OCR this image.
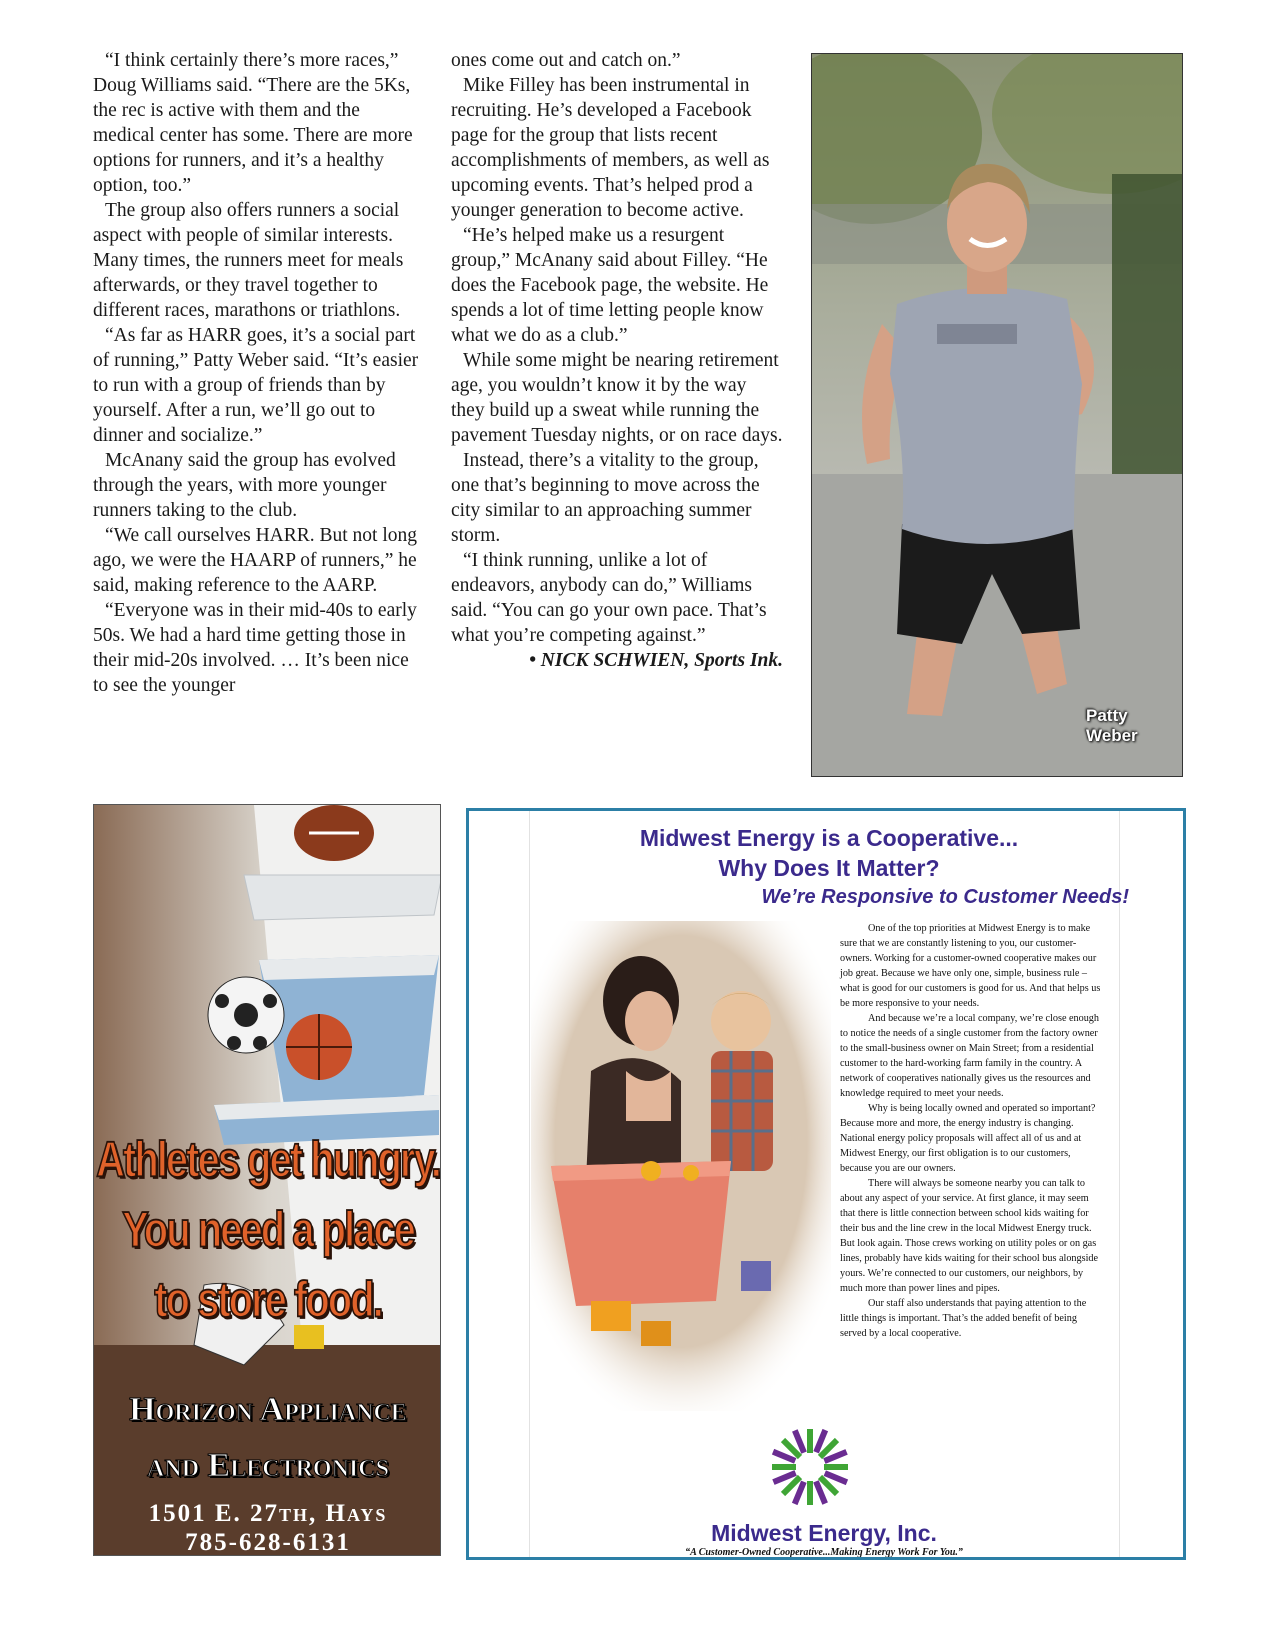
“I think certainly there’s more races,” Doug Williams said. “There are the 5Ks, the rec is active with them and the medical center has some. There are more options for runners, and it’s a healthy option, too.”

The group also offers runners a social aspect with people of similar interests. Many times, the runners meet for meals afterwards, or they travel together to different races, marathons or triathlons.

“As far as HARR goes, it’s a social part of running,” Patty Weber said. “It’s easier to run with a group of friends than by yourself. After a run, we’ll go out to dinner and socialize.”

McAnany said the group has evolved through the years, with more younger runners taking to the club.

“We call ourselves HARR. But not long ago, we were the HAARP of runners,” he said, making reference to the AARP.

“Everyone was in their mid-40s to early 50s. We had a hard time getting those in their mid-20s involved. … It’s been nice to see the younger

ones come out and catch on.”

Mike Filley has been instrumental in recruiting. He’s developed a Facebook page for the group that lists recent accomplishments of members, as well as upcoming events. That’s helped prod a younger generation to become active.

“He’s helped make us a resurgent group,” McAnany said about Filley. “He does the Facebook page, the website. He spends a lot of time letting people know what we do as a club.”

While some might be nearing retirement age, you wouldn’t know it by the way they build up a sweat while running the pavement Tuesday nights, or on race days.

Instead, there’s a vitality to the group, one that’s beginning to move across the city similar to an approaching summer storm.

“I think running, unlike a lot of endeavors, anybody can do,” Williams said. “You can go your own pace. That’s what you’re competing against.”

• NICK SCHWIEN, Sports Ink.

Patty
Weber
Athletes get hungry.
You need a place
to store food.
Horizon Appliance
and Electronics
1501 E. 27th, Hays
785-628-6131
Midwest Energy is a Cooperative...
Why Does It Matter?
We’re Responsive to Customer Needs!

One of the top priorities at Midwest Energy is to make sure that we are constantly listening to you, our customer-owners. Working for a customer-owned cooperative makes our job great. Because we have only one, simple, business rule – what is good for our customers is good for us. And that helps us be more responsive to your needs.

And because we’re a local company, we’re close enough to notice the needs of a single customer from the factory owner to the small-business owner on Main Street; from a residential customer to the hard-working farm family in the country. A network of cooperatives nationally gives us the resources and knowledge required to meet your needs.

Why is being locally owned and operated so important? Because more and more, the energy industry is changing. National energy policy proposals will affect all of us and at Midwest Energy, our first obligation is to our customers, because you are our owners.

There will always be someone nearby you can talk to about any aspect of your service. At first glance, it may seem that there is little connection between school kids waiting for their bus and the line crew in the local Midwest Energy truck. But look again. Those crews working on utility poles or on gas lines, probably have kids waiting for their school bus alongside yours. We’re connected to our customers, our neighbors, by much more than power lines and pipes.

Our staff also understands that paying attention to the little things is important. That’s the added benefit of being served by a local cooperative.

Midwest Energy, Inc.
“A Customer-Owned Cooperative...Making Energy Work For You.”
